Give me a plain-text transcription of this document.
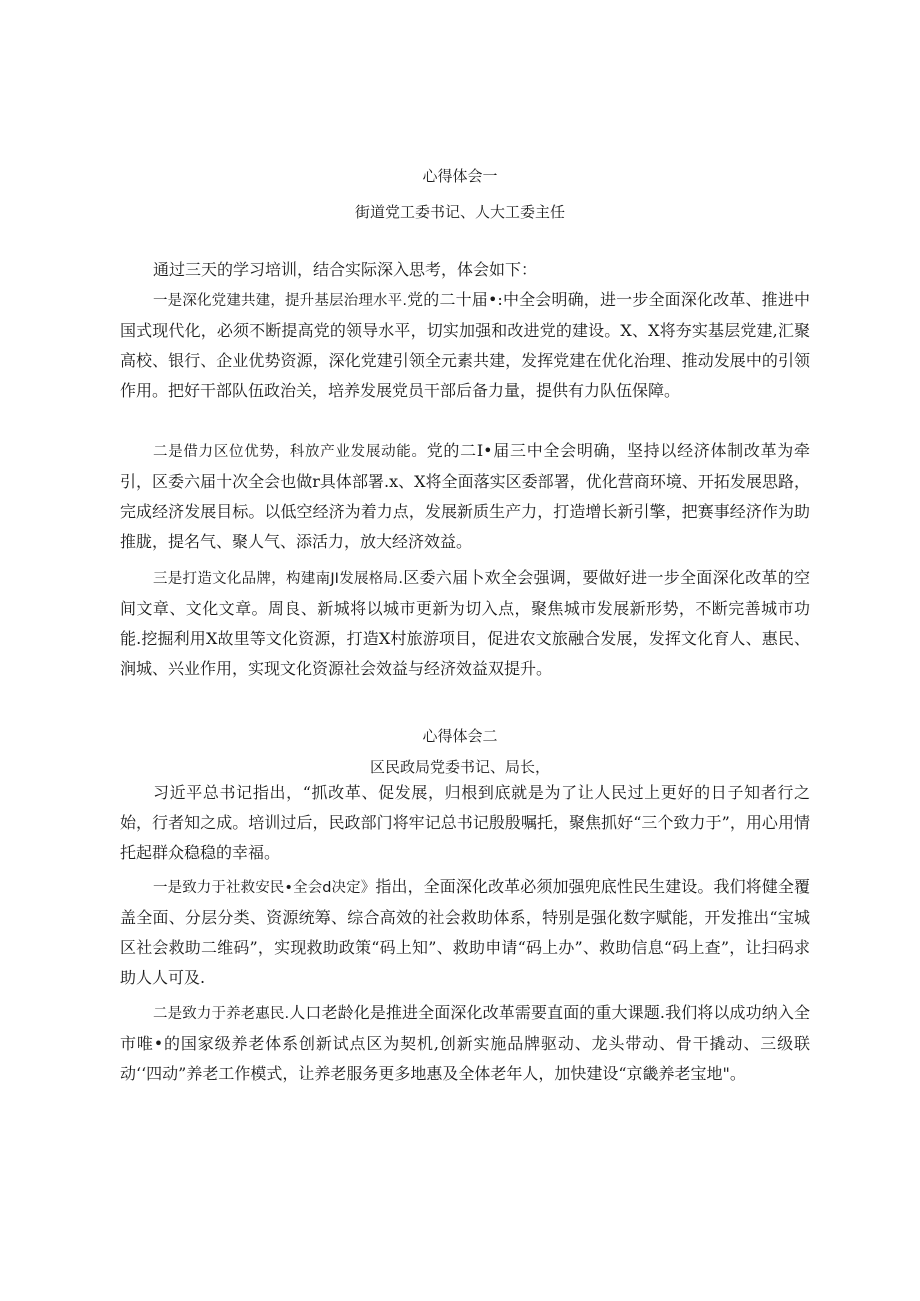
心得体会一
街道党工委书记、人大工委主任

通过三天的学习培训，结合实际深入思考，体会如下：

一是深化党建共建，提升基层治理水平.党的二十届•:中全会明确，进一步全面深化改革、推进中国式现代化，必须不断提高党的领导水平，切实加强和改进党的建设。X、X将夯实基层党建,汇聚高校、银行、企业优势资源，深化党建引领全元素共建，发挥党建在优化治理、推动发展中的引领作用。把好干部队伍政治关，培养发展党员干部后备力量，提供有力队伍保障。

二是借力区位优势，科放产业发展动能。党的二I•届三中全会明确，坚持以经济体制改革为牵引，区委六届十次全会也做r具体部署.x、X将全面落实区委部署，优化营商环境、开拓发展思路，完成经济发展目标。以低空经济为着力点，发展新质生产力，打造增长新引擎，把赛事经济作为助推胧，提名气、聚人气、添活力，放大经济效益。

三是打造文化品牌，构建南JI发展格局.区委六届卜欢全会强调，要做好进一步全面深化改革的空间文章、文化文章。周良、新城将以城市更新为切入点，聚焦城市发展新形势，不断完善城市功能.挖掘利用X故里等文化资源，打造X村旅游项目，促进农文旅融合发展，发挥文化育人、惠民、涧城、兴业作用，实现文化资源社会效益与经济效益双提升。

心得体会二
区民政局党委书记、局长，

习近平总书记指出，“抓改革、促发展，归根到底就是为了让人民过上更好的日子知者行之始，行者知之成。培训过后，民政部门将牢记总书记殷殷嘱托，聚焦抓好“三个致力于”，用心用情托起群众稳稳的幸福。

一是致力于社救安民•全会d决定》指出，全面深化改革必须加强兜底性民生建设。我们将健全覆盖全面、分层分类、资源统筹、综合高效的社会救助体系，特别是强化数字赋能，开发推出“宝城区社会救助二维码”，实现救助政策“码上知”、救助申请“码上办”、救助信息“码上查”，让扫码求助人人可及.

二是致力于养老惠民.人口老龄化是推进全面深化改革需要直面的重大课题.我们将以成功纳入全市唯•的国家级养老体系创新试点区为契机,创新实施品牌驱动、龙头带动、骨干撬动、三级联动‘‘四动”养老工作模式，让养老服务更多地惠及全体老年人，加快建设“京畿养老宝地"。
